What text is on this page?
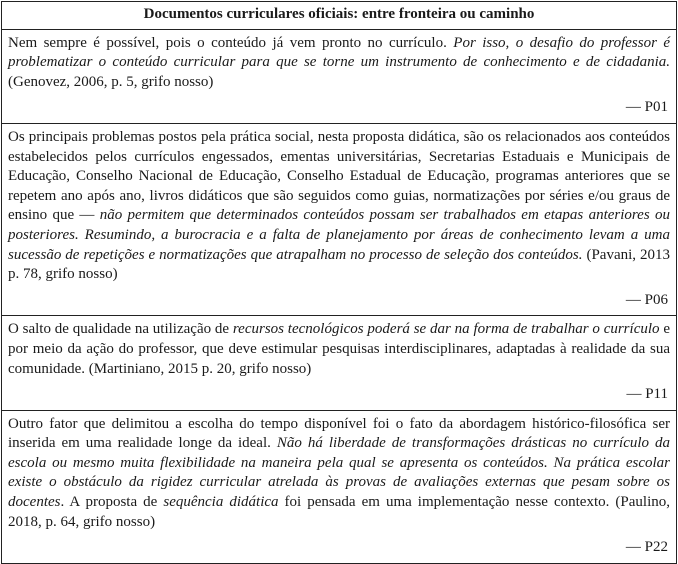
Documentos curriculares oficiais: entre fronteira ou caminho

Nem sempre é possível, pois o conteúdo já vem pronto no currículo. Por isso, o desafio do professor é problematizar o conteúdo curricular para que se torne um instrumento de conhecimento e de cidadania. (Genovez, 2006, p. 5, grifo nosso)
— P01

Os principais problemas postos pela prática social, nesta proposta didática, são os relacionados aos conteúdos estabelecidos pelos currículos engessados, ementas universitárias, Secretarias Estaduais e Municipais de Educação, Conselho Nacional de Educação, Conselho Estadual de Educação, programas anteriores que se repetem ano após ano, livros didáticos que são seguidos como guias, normatizações por séries e/ou graus de ensino que — não permitem que determinados conteúdos possam ser trabalhados em etapas anteriores ou posteriores. Resumindo, a burocracia e a falta de planejamento por áreas de conhecimento levam a uma sucessão de repetições e normatizações que atrapalham no processo de seleção dos conteúdos. (Pavani, 2013 p. 78, grifo nosso)
— P06

O salto de qualidade na utilização de recursos tecnológicos poderá se dar na forma de trabalhar o currículo e por meio da ação do professor, que deve estimular pesquisas interdisciplinares, adaptadas à realidade da sua comunidade. (Martiniano, 2015 p. 20, grifo nosso)
— P11

Outro fator que delimitou a escolha do tempo disponível foi o fato da abordagem histórico-filosófica ser inserida em uma realidade longe da ideal. Não há liberdade de transformações drásticas no currículo da escola ou mesmo muita flexibilidade na maneira pela qual se apresenta os conteúdos. Na prática escolar existe o obstáculo da rigidez curricular atrelada às provas de avaliações externas que pesam sobre os docentes. A proposta de sequência didática foi pensada em uma implementação nesse contexto. (Paulino, 2018, p. 64, grifo nosso)
— P22
